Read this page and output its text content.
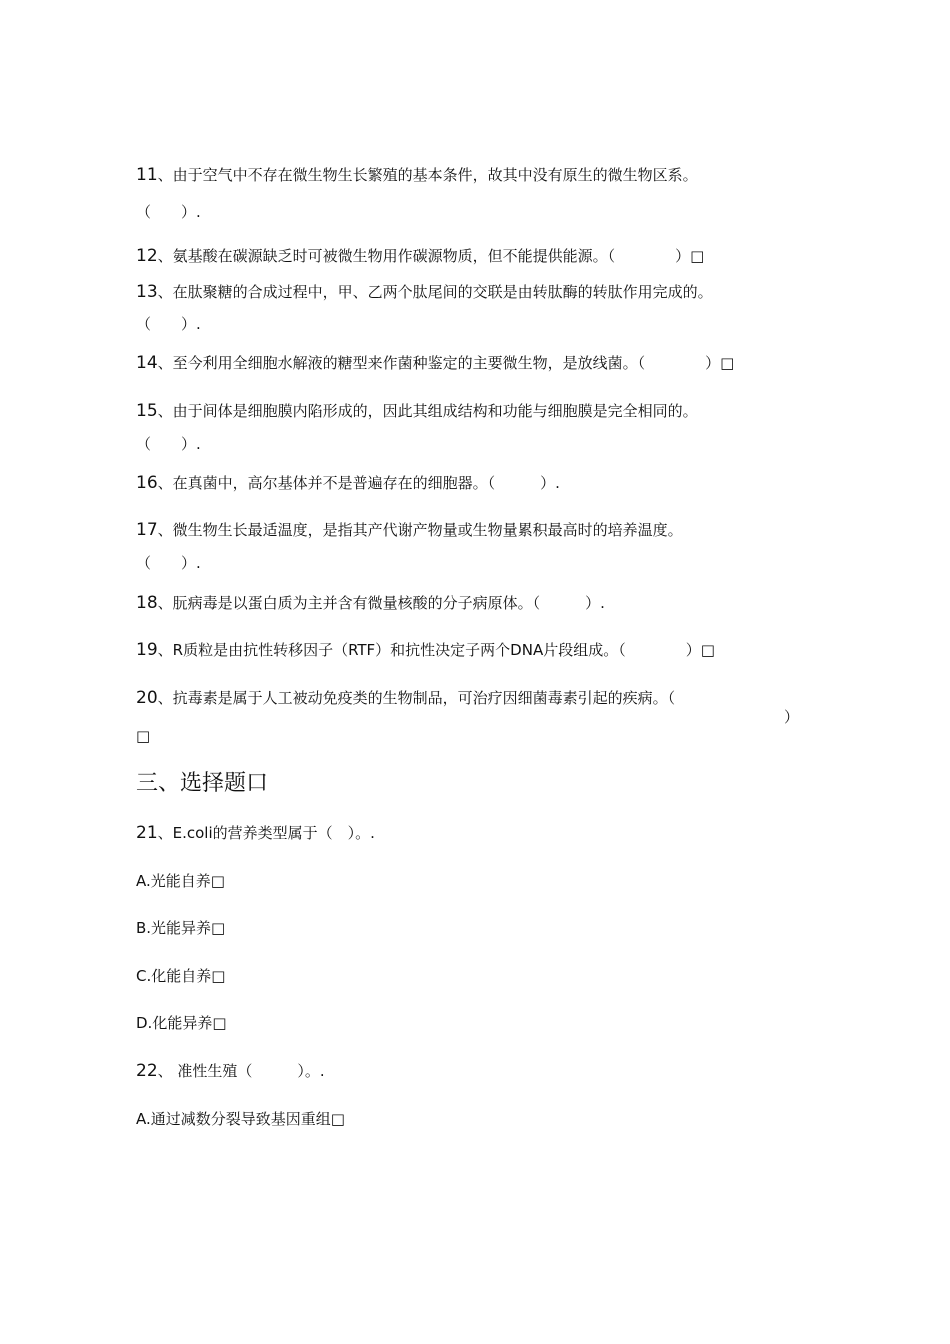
11、由于空气中不存在微生物生长繁殖的基本条件，故其中没有原生的微生物区系。
（　　）.
12、氨基酸在碳源缺乏时可被微生物用作碳源物质，但不能提供能源。（　　　　）□
13、在肽聚糖的合成过程中，甲、乙两个肽尾间的交联是由转肽酶的转肽作用完成的。
（　　）.
14、至今利用全细胞水解液的糖型来作菌种鉴定的主要微生物，是放线菌。（　　　　）□
15、由于间体是细胞膜内陷形成的，因此其组成结构和功能与细胞膜是完全相同的。
（　　）.
16、在真菌中，高尔基体并不是普遍存在的细胞器。（　　　）.
17、微生物生长最适温度，是指其产代谢产物量或生物量累积最高时的培养温度。
（　　）.
18、朊病毒是以蛋白质为主并含有微量核酸的分子病原体。（　　　）.
19、R质粒是由抗性转移因子（RTF）和抗性决定子两个DNA片段组成。（　　　　）□
20、抗毒素是属于人工被动免疫类的生物制品，可治疗因细菌毒素引起的疾病。（
）
□
三、选择题口
21、E.coli的营养类型属于（　）。.
A.光能自养□
B.光能异养□
C.化能自养□
D.化能异养□
22、 准性生殖（　　　）。.
A.通过减数分裂导致基因重组□
